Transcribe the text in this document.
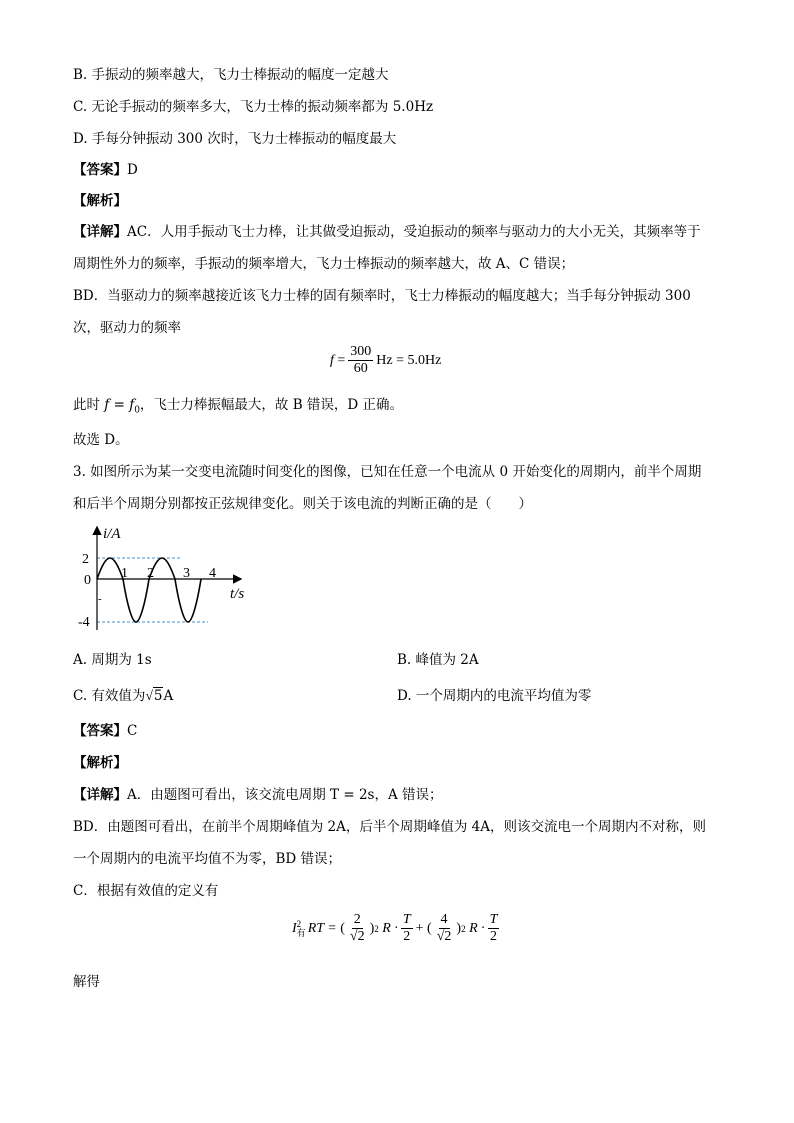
B. 手振动的频率越大，飞力士棒振动的幅度一定越大
C. 无论手振动的频率多大，飞力士棒的振动频率都为 5.0Hz
D. 手每分钟振动 300 次时，飞力士棒振动的幅度最大
【答案】D
【解析】
【详解】AC．人用手振动飞士力棒，让其做受迫振动，受迫振动的频率与驱动力的大小无关，其频率等于
周期性外力的频率，手振动的频率增大，飞力士棒振动的频率越大，故 A、C 错误；
BD．当驱动力的频率越接近该飞力士棒的固有频率时，飞士力棒振动的幅度越大；当手每分钟振动 300
次，驱动力的频率
f
= $\frac{300}{60}$ Hz = 5.0Hz
此时 $f = f_0$，飞士力棒振幅最大，故 B 错误，D 正确。
故选 D。
3. 如图所示为某一交变电流随时间变化的图像，已知在任意一个电流从 0 开始变化的周期内，前半个周期
和后半个周期分别都按正弦规律变化。则关于该电流的判断正确的是（　　）
i/A
2
0
-
-4
1 2 3 4
t/s
A. 周期为 1s	B. 峰值为 2A
C. 有效值为√5A	D. 一个周期内的电流平均值为零
【答案】C
【解析】
【详解】A．由题图可看出，该交流电周期 T = 2s，A 错误；
BD．由题图可看出，在前半个周期峰值为 2A，后半个周期峰值为 4A，则该交流电一个周期内不对称，则
一个周期内的电流平均值不为零，BD 错误；
C．根据有效值的定义有
I 2
有 RT = ( $\frac{2}{√2}$ ) 2
$R \cdot \frac{T}{2}$ + ( $\frac{4}{√2}$ ) 2
$R \cdot \frac{T}{2}$
解得
